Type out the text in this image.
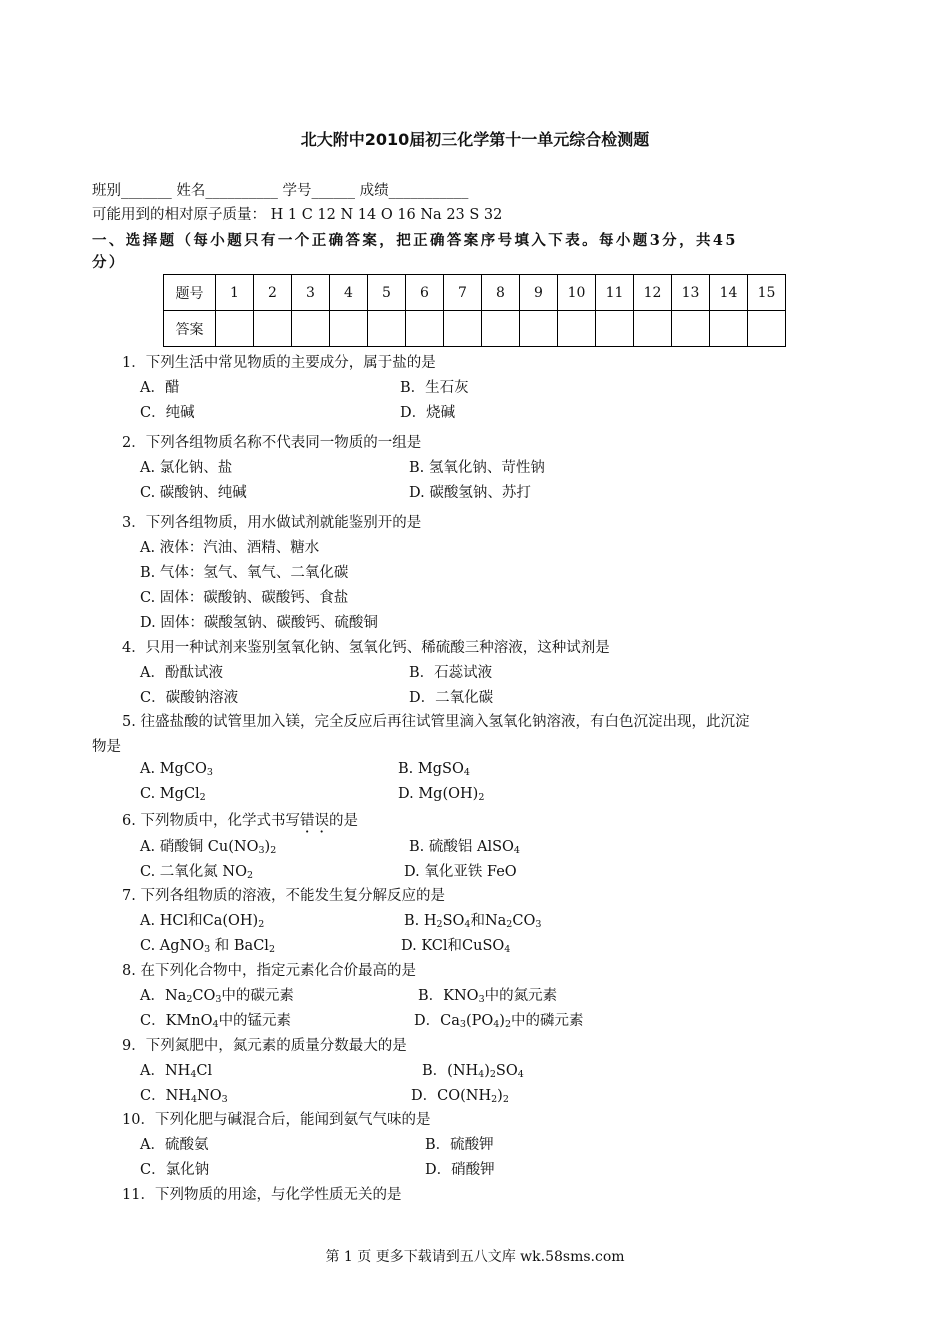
北大附中2010届初三化学第十一单元综合检测题
班别_______ 姓名__________ 学号______ 成绩___________
可能用到的相对原子质量： H 1 C 12 N 14 O 16 Na 23 S 32
一、选择题（每小题只有一个正确答案，把正确答案序号填入下表。每小题3分，共45
分）
题号	1	2	3	4	5	6	7	8	9	10	11	12	13	14	15
答案															
1．下列生活中常见物质的主要成分，属于盐的是
A．醋	B．生石灰
C．纯碱	D．烧碱
2．下列各组物质名称不代表同一物质的一组是
A. 氯化钠、盐	B. 氢氧化钠、苛性钠
C. 碳酸钠、纯碱	D. 碳酸氢钠、苏打
3．下列各组物质，用水做试剂就能鉴别开的是
A. 液体：汽油、酒精、糖水
B. 气体：氢气、氧气、二氧化碳
C. 固体：碳酸钠、碳酸钙、食盐
D. 固体：碳酸氢钠、碳酸钙、硫酸铜
4．只用一种试剂来鉴别氢氧化钠、氢氧化钙、稀硫酸三种溶液，这种试剂是
A．酚酞试液	B．石蕊试液
C．碳酸钠溶液	D．二氧化碳
5. 往盛盐酸的试管里加入镁，完全反应后再往试管里滴入氢氧化钠溶液，有白色沉淀出现，此沉淀
物是
A. MgCO$_3$	B. MgSO$_4$
C. MgCl$_2$	D. $Mg(OH)_2$
6. 下列物质中，化学式书写错误的是
A. 硝酸铜 $Cu(NO_3)_2$	B. 硫酸铝 AlSO$_4$
C. 二氧化氮 $NO_2$	D. 氧化亚铁 FeO
7. 下列各组物质的溶液，不能发生复分解反应的是
A. HCl和$Ca(OH)_2$	B. $H_2SO_4$和$Na_2CO_3$
C. AgNO$_3$ 和 BaCl$_2$	D. KCl和CuSO$_4$
8. 在下列化合物中，指定元素化合价最高的是
A．$Na_2CO_3$中的碳元素	B．$KNO_3$中的氮元素
C．KMnO$_4$中的锰元素	D．$Ca_3(PO_4)_2$中的磷元素
9．下列氮肥中，氮元素的质量分数最大的是
A．$NH_4Cl$	B．$(NH_4)_2SO_4$
C．$NH_4NO_3$	D．$CO(NH_2)_2$
10．下列化肥与碱混合后，能闻到氨气气味的是
A．硫酸氨	B．硫酸钾
C．氯化钠	D．硝酸钾
11．下列物质的用途，与化学性质无关的是
第 1 页 更多下载请到五八文库 wk.58sms.com
